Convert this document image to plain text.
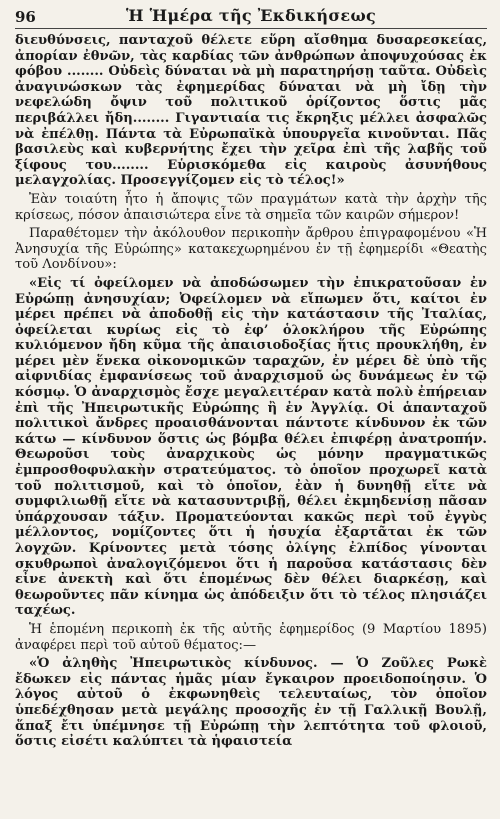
96	Ἡ Ἡμέρα τῆς Ἐκδικήσεως

διευθύνσεις, πανταχοῦ θέλετε εὕρη αἴσθημα δυσαρεσκείας, ἀπορίαν ἐθνῶν, τὰς καρδίας τῶν ἀνθρώπων ἀποψυχούσας ἐκ φόβου ........ Οὐδεὶς δύναται νὰ μὴ παρατηρήσῃ ταῦτα. Οὐδεὶς ἀναγινώσκων τὰς ἐφημερίδας δύναται νὰ μὴ ἴδῃ τὴν νεφελώδη ὄψιν τοῦ πολιτικοῦ ὁρίζοντος ὅστις μᾶς περιβάλλει ἤδη........ Γιγαντιαία τις ἔκρηξις μέλλει ἀσφαλῶς νὰ ἐπέλθῃ. Πάντα τὰ Εὐρωπαϊκὰ ὑπουργεῖα κινοῦνται. Πᾶς βασιλεὺς καὶ κυβερνήτης ἔχει τὴν χεῖρα ἐπὶ τῆς λαβῆς τοῦ ξίφους του........ Εὑρισκόμεθα εἰς καιροὺς ἀσυνήθους μελαγχολίας. Προσεγγίζομεν εἰς τὸ τέλος!»

Ἐὰν τοιαύτη ἦτο ἡ ἄποψις τῶν πραγμάτων κατὰ τὴν ἀρχὴν τῆς κρίσεως, πόσον ἀπαισιώτερα εἶνε τὰ σημεῖα τῶν καιρῶν σήμερον!

Παραθέτομεν τὴν ἀκόλουθον περικοπὴν ἄρθρου ἐπιγραφομένου «Ἡ Ἀνησυχία τῆς Εὐρώπης» κατακεχωρημένου ἐν τῇ ἐφημερίδι «Θεατὴς τοῦ Λονδίνου»:

«Εἰς τί ὀφείλομεν νὰ ἀποδώσωμεν τὴν ἐπικρατοῦσαν ἐν Εὐρώπῃ ἀνησυχίαν; Ὀφείλομεν νὰ εἴπωμεν ὅτι, καίτοι ἐν μέρει πρέπει νὰ ἀποδοθῇ εἰς τὴν κατάστασιν τῆς Ἰταλίας, ὀφείλεται κυρίως εἰς τὸ ἐφ’ ὁλοκλήρου τῆς Εὐρώπης κυλιόμενον ἤδη κῦμα τῆς ἀπαισιοδοξίας ἥτις προυκλήθη, ἐν μέρει μὲν ἕνεκα οἰκονομικῶν ταραχῶν, ἐν μέρει δὲ ὑπὸ τῆς αἰφνιδίας ἐμφανίσεως τοῦ ἀναρχισμοῦ ὡς δυνάμεως ἐν τῷ κόσμῳ. Ὁ ἀναρχισμὸς ἔσχε μεγαλειτέραν κατὰ πολὺ ἐπήρειαν ἐπὶ τῆς Ἠπειρωτικῆς Εὐρώπης ἢ ἐν Ἀγγλίᾳ. Οἱ ἁπανταχοῦ πολιτικοὶ ἄνδρες προαισθάνονται πάντοτε κίνδυνον ἐκ τῶν κάτω — κίνδυνον ὅστις ὡς βόμβα θέλει ἐπιφέρῃ ἀνατροπήν. Θεωροῦσι τοὺς ἀναρχικοὺς ὡς μόνην πραγματικῶς ἐμπροσθοφυλακὴν στρατεύματος. τὸ ὁποῖον προχωρεῖ κατὰ τοῦ πολιτισμοῦ, καὶ τὸ ὁποῖον, ἐὰν ἡ δυνηθῇ εἴτε νὰ συμφιλιωθῇ εἴτε νὰ κατασυντριβῇ, θέλει ἐκμηδενίσῃ πᾶσαν ὑπάρχουσαν τάξιν. Προματεύονται κακῶς περὶ τοῦ ἐγγὺς μέλλοντος, νομίζοντες ὅτι ἡ ἡσυχία ἐξαρτᾶται ἐκ τῶν λογχῶν. Κρίνοντες μετὰ τόσης ὀλίγης ἐλπίδος γίνονται σκυθρωποὶ ἀναλογιζόμενοι ὅτι ἡ παροῦσα κατάστασις δὲν εἶνε ἀνεκτὴ καὶ ὅτι ἑπομένως δὲν θέλει διαρκέσῃ, καὶ θεωροῦντες πᾶν κίνημα ὡς ἀπόδειξιν ὅτι τὸ τέλος πλησιάζει ταχέως.

Ἡ ἑπομένη περικοπὴ ἐκ τῆς αὐτῆς ἐφημερίδος (9 Μαρτίου 1895) ἀναφέρει περὶ τοῦ αὐτοῦ θέματος:—

«Ὁ ἀληθὴς Ἠπειρωτικὸς κίνδυνος. — Ὁ Ζοῦλες Ρωκὲ ἔδωκεν εἰς πάντας ἡμᾶς μίαν ἔγκαιρον προειδοποίησιν. Ὁ λόγος αὐτοῦ ὁ ἐκφωνηθεὶς τελευταίως, τὸν ὁποῖον ὑπεδέχθησαν μετὰ μεγάλης προσοχῆς ἐν τῇ Γαλλικῇ Βουλῇ, ἅπαξ ἔτι ὑπέμνησε τῇ Εὐρώπῃ τὴν λεπτότητα τοῦ φλοιοῦ, ὅστις εἰσέτι καλύπτει τὰ ἡφαιστεία
